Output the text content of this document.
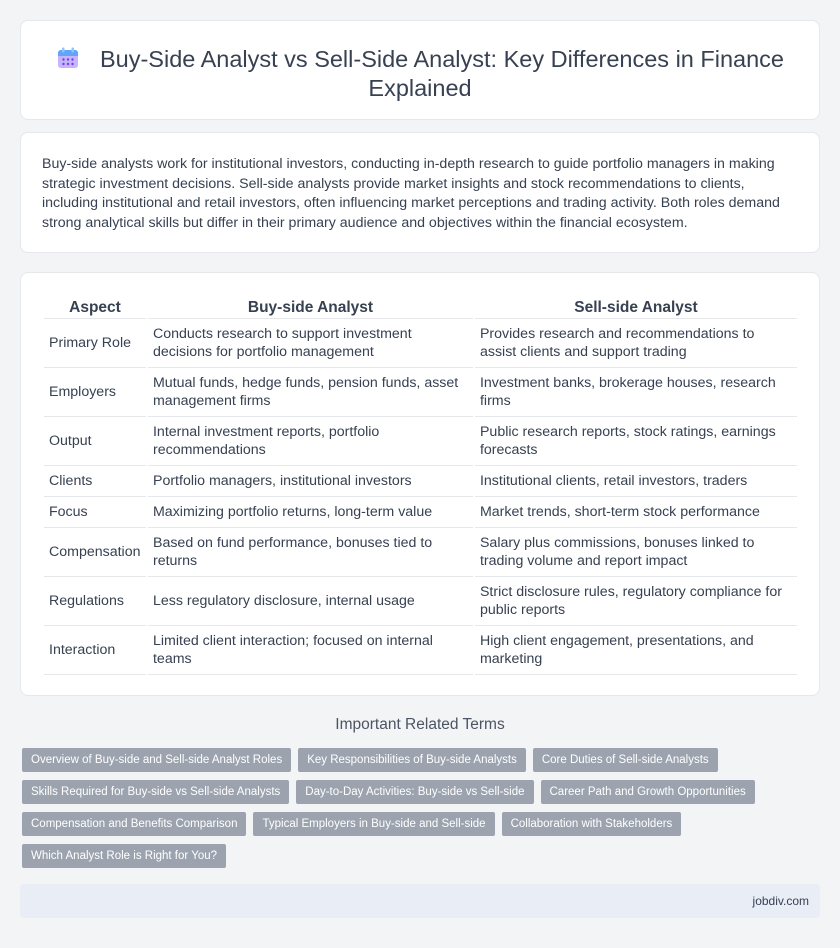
Buy-Side Analyst vs Sell-Side Analyst: Key Differences in Finance Explained

Buy-side analysts work for institutional investors, conducting in-depth research to guide portfolio managers in making strategic investment decisions. Sell-side analysts provide market insights and stock recommendations to clients, including institutional and retail investors, often influencing market perceptions and trading activity. Both roles demand strong analytical skills but differ in their primary audience and objectives within the financial ecosystem.

Aspect	Buy-side Analyst	Sell-side Analyst
Primary Role	Conducts research to support investment decisions for portfolio management	Provides research and recommendations to assist clients and support trading
Employers	Mutual funds, hedge funds, pension funds, asset management firms	Investment banks, brokerage houses, research firms
Output	Internal investment reports, portfolio recommendations	Public research reports, stock ratings, earnings forecasts
Clients	Portfolio managers, institutional investors	Institutional clients, retail investors, traders
Focus	Maximizing portfolio returns, long-term value	Market trends, short-term stock performance
Compensation	Based on fund performance, bonuses tied to returns	Salary plus commissions, bonuses linked to trading volume and report impact
Regulations	Less regulatory disclosure, internal usage	Strict disclosure rules, regulatory compliance for public reports
Interaction	Limited client interaction; focused on internal teams	High client engagement, presentations, and marketing
Important Related Terms
Overview of Buy-side and Sell-side Analyst Roles	Key Responsibilities of Buy-side Analysts	Core Duties of Sell-side Analysts
Skills Required for Buy-side vs Sell-side Analysts	Day-to-Day Activities: Buy-side vs Sell-side	Career Path and Growth Opportunities
Compensation and Benefits Comparison	Typical Employers in Buy-side and Sell-side	Collaboration with Stakeholders
Which Analyst Role is Right for You?
jobdiv.com
